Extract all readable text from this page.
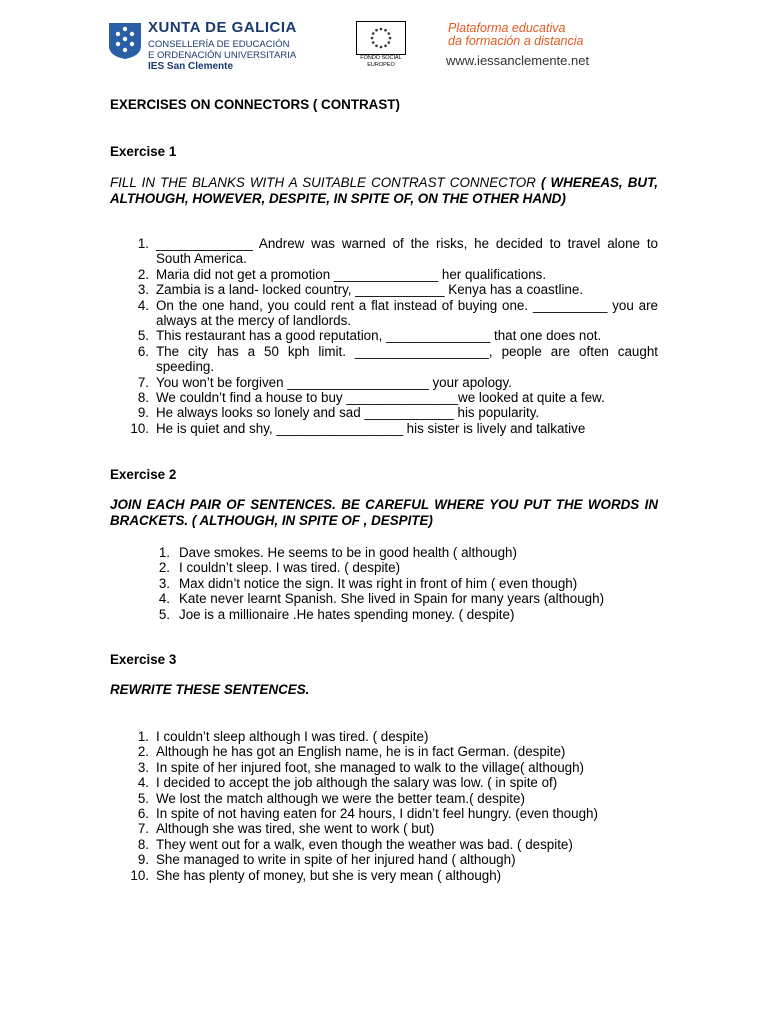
XUNTA DE GALICIA
CONSELLERÍA DE EDUCACIÓN
E ORDENACIÓN UNIVERSITARIA
IES San Clemente
FONDO SOCIAL EUROPEO
Plataforma educativa
da formación a distancia
www.iessanclemente.net
EXERCISES ON CONNECTORS ( CONTRAST)
Exercise 1
FILL IN THE BLANKS WITH A SUITABLE CONTRAST CONNECTOR ( WHEREAS, BUT, ALTHOUGH, HOWEVER, DESPITE, IN SPITE OF, ON THE OTHER HAND)
1. _____________ Andrew was warned of the risks, he decided to travel alone to South America.
2. Maria did not get a promotion ______________ her qualifications.
3. Zambia is a land- locked country, ____________ Kenya has a coastline.
4. On the one hand, you could rent a flat instead of buying one. __________ you are always at the mercy of landlords.
5. This restaurant has a good reputation, ______________ that one does not.
6. The city has a 50 kph limit. __________________, people are often caught speeding.
7. You won’t be forgiven ___________________ your apology.
8. We couldn’t find a house to buy _______________we looked at quite a few.
9. He always looks so lonely and sad ____________ his popularity.
10. He is quiet and shy, _________________ his sister is lively and talkative
Exercise 2
JOIN EACH PAIR OF SENTENCES. BE CAREFUL WHERE YOU PUT THE WORDS IN BRACKETS. ( ALTHOUGH, IN SPITE OF , DESPITE)
1. Dave smokes. He seems to be in good health ( although)
2. I couldn’t sleep. I was tired. ( despite)
3. Max didn’t notice the sign. It was right in front of him ( even though)
4. Kate never learnt Spanish. She lived in Spain for many years (although)
5. Joe is a millionaire .He hates spending money. ( despite)
Exercise 3
REWRITE THESE SENTENCES.
1. I couldn’t sleep although I was tired. ( despite)
2. Although he has got an English name, he is in fact German. (despite)
3. In spite of her injured foot, she managed to walk to the village( although)
4. I decided to accept the job although the salary was low. ( in spite of)
5. We lost the match although we were the better team.( despite)
6. In spite of not having eaten for 24 hours, I didn’t feel hungry. (even though)
7. Although she was tired, she went to work ( but)
8. They went out for a walk, even though the weather was bad. ( despite)
9. She managed to write in spite of her injured hand ( although)
10. She has plenty of money, but she is very mean ( although)
